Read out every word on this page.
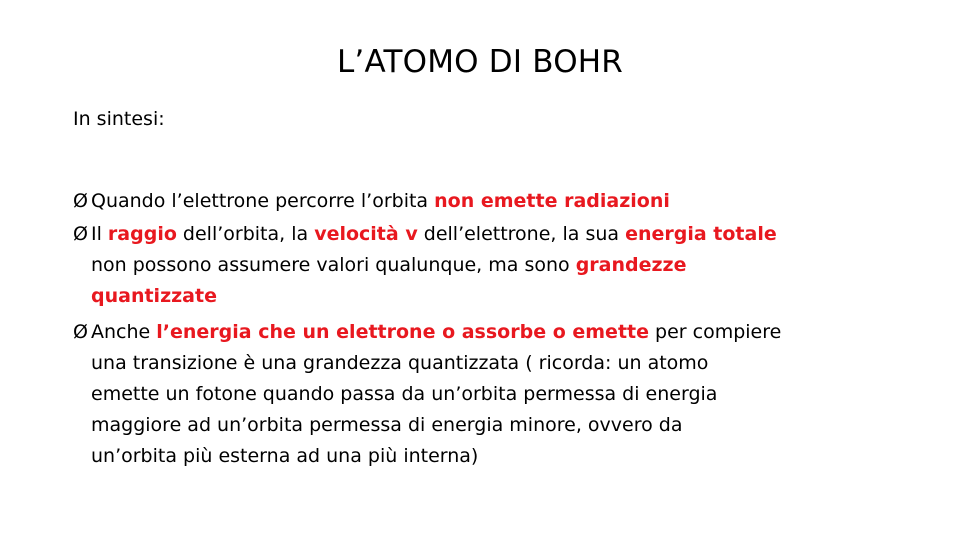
L’ATOMO DI BOHR
In sintesi:
Ø Quando l’elettrone percorre l’orbita non emette radiazioni
Ø Il raggio dell’orbita, la velocità v dell’elettrone, la sua energia totale
non possono assumere valori qualunque, ma sono grandezze
quantizzate
Ø Anche l’energia che un elettrone o assorbe o emette per compiere
una transizione è una grandezza quantizzata ( ricorda: un atomo
emette un fotone quando passa da un’orbita permessa di energia
maggiore ad un’orbita permessa di energia minore, ovvero da
un’orbita più esterna ad una più interna)
